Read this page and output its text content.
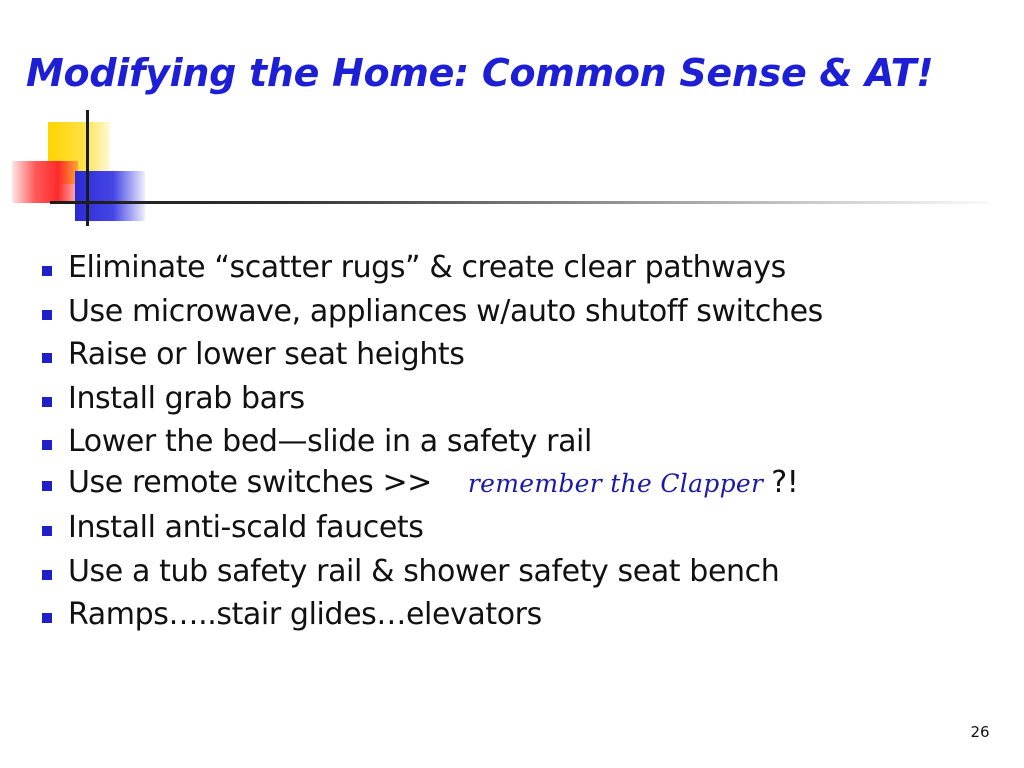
Modifying the Home: Common Sense & AT!
Eliminate “scatter rugs” & create clear pathways
Use microwave, appliances w/auto shutoff switches
Raise or lower seat heights
Install grab bars
Lower the bed—slide in a safety rail
Use remote switches >> remember the Clapper ?!
Install anti-scald faucets
Use a tub safety rail & shower safety seat bench
Ramps…..stair glides…elevators
26
